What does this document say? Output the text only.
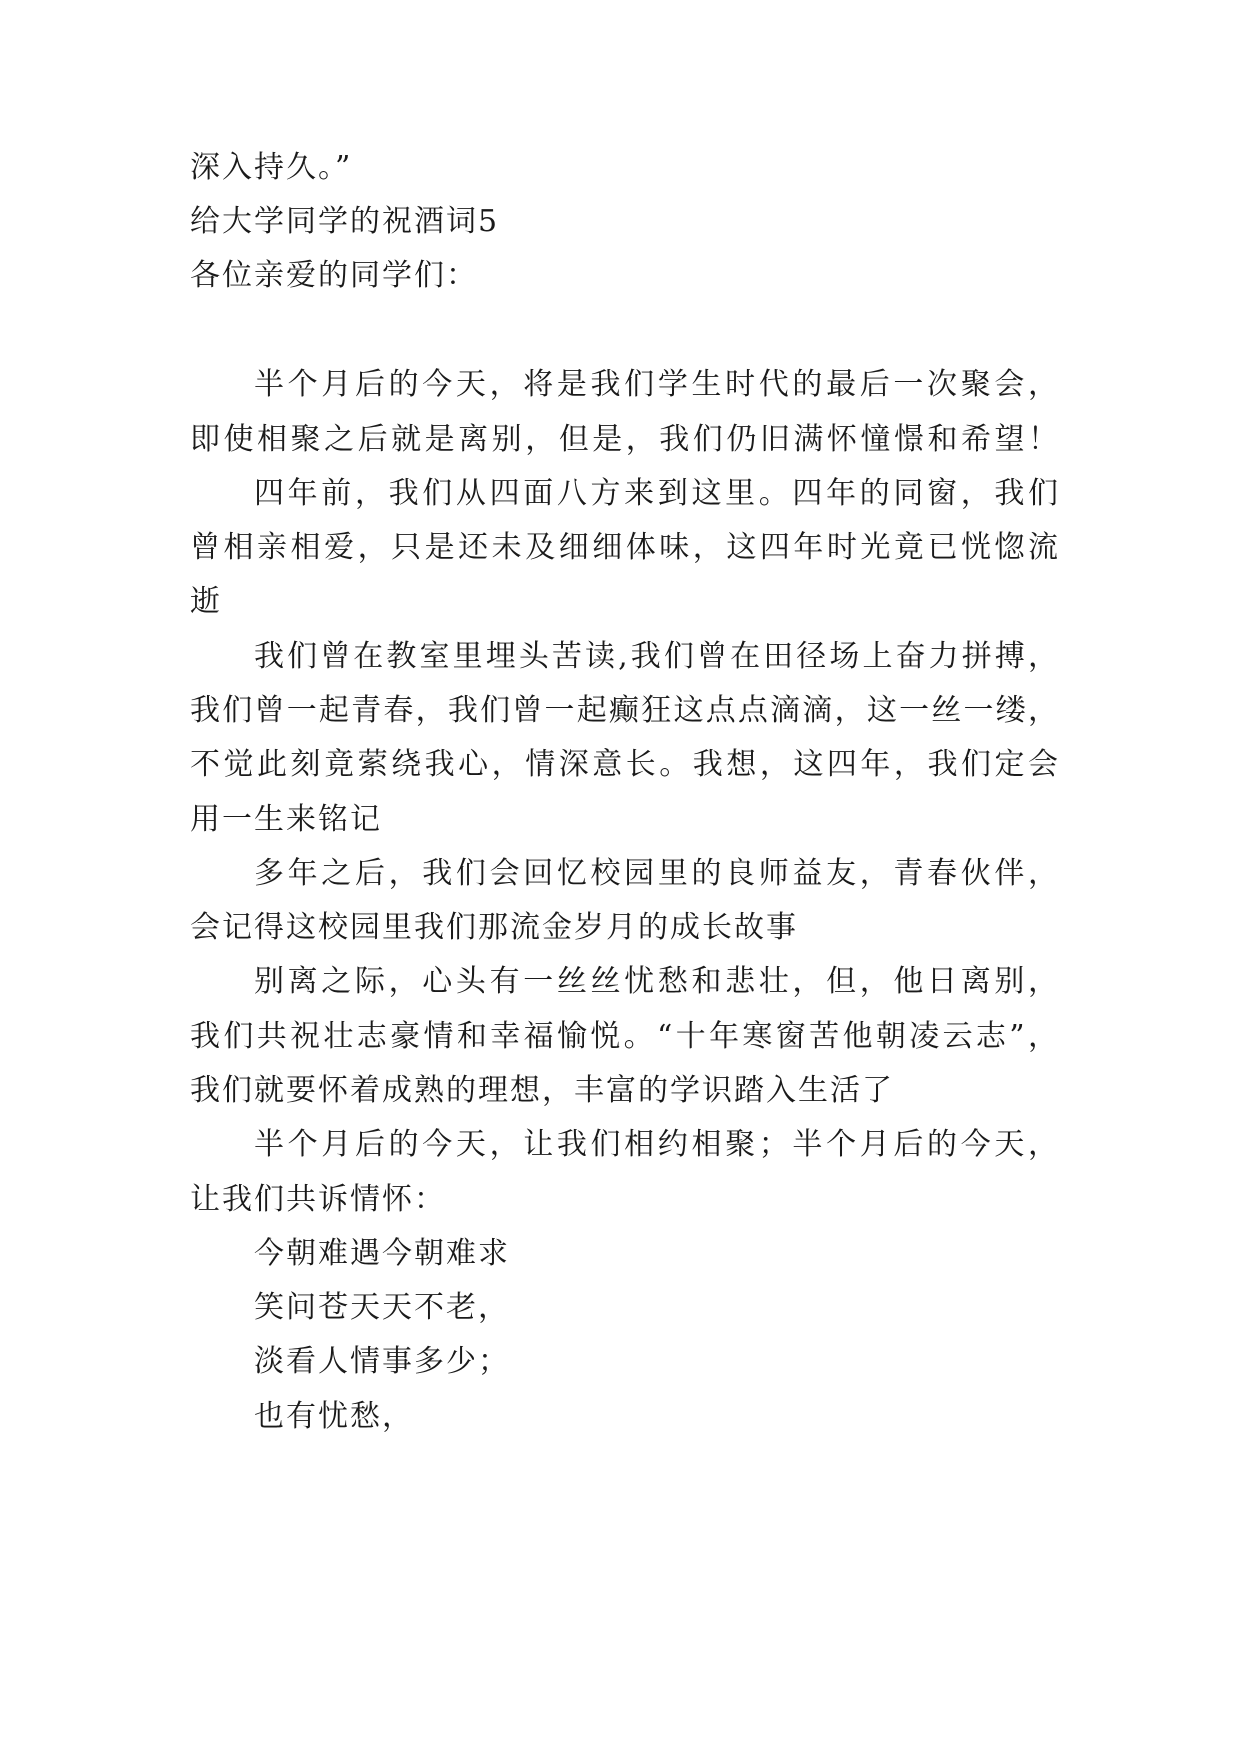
深入持久。”
给大学同学的祝酒词5
各位亲爱的同学们：
半个月后的今天，将是我们学生时代的最后一次聚会，
即使相聚之后就是离别，但是，我们仍旧满怀憧憬和希望！
四年前，我们从四面八方来到这里。四年的同窗，我们
曾相亲相爱，只是还未及细细体味，这四年时光竟已恍惚流
逝
我们曾在教室里埋头苦读,我们曾在田径场上奋力拼搏，
我们曾一起青春，我们曾一起癫狂这点点滴滴，这一丝一缕，
不觉此刻竟萦绕我心，情深意长。我想，这四年，我们定会
用一生来铭记
多年之后，我们会回忆校园里的良师益友，青春伙伴，
会记得这校园里我们那流金岁月的成长故事
别离之际，心头有一丝丝忧愁和悲壮，但，他日离别，
我们共祝壮志豪情和幸福愉悦。“十年寒窗苦他朝凌云志”，
我们就要怀着成熟的理想，丰富的学识踏入生活了
半个月后的今天，让我们相约相聚；半个月后的今天，
让我们共诉情怀：
今朝难遇今朝难求
笑问苍天天不老，
淡看人情事多少；
也有忧愁，
